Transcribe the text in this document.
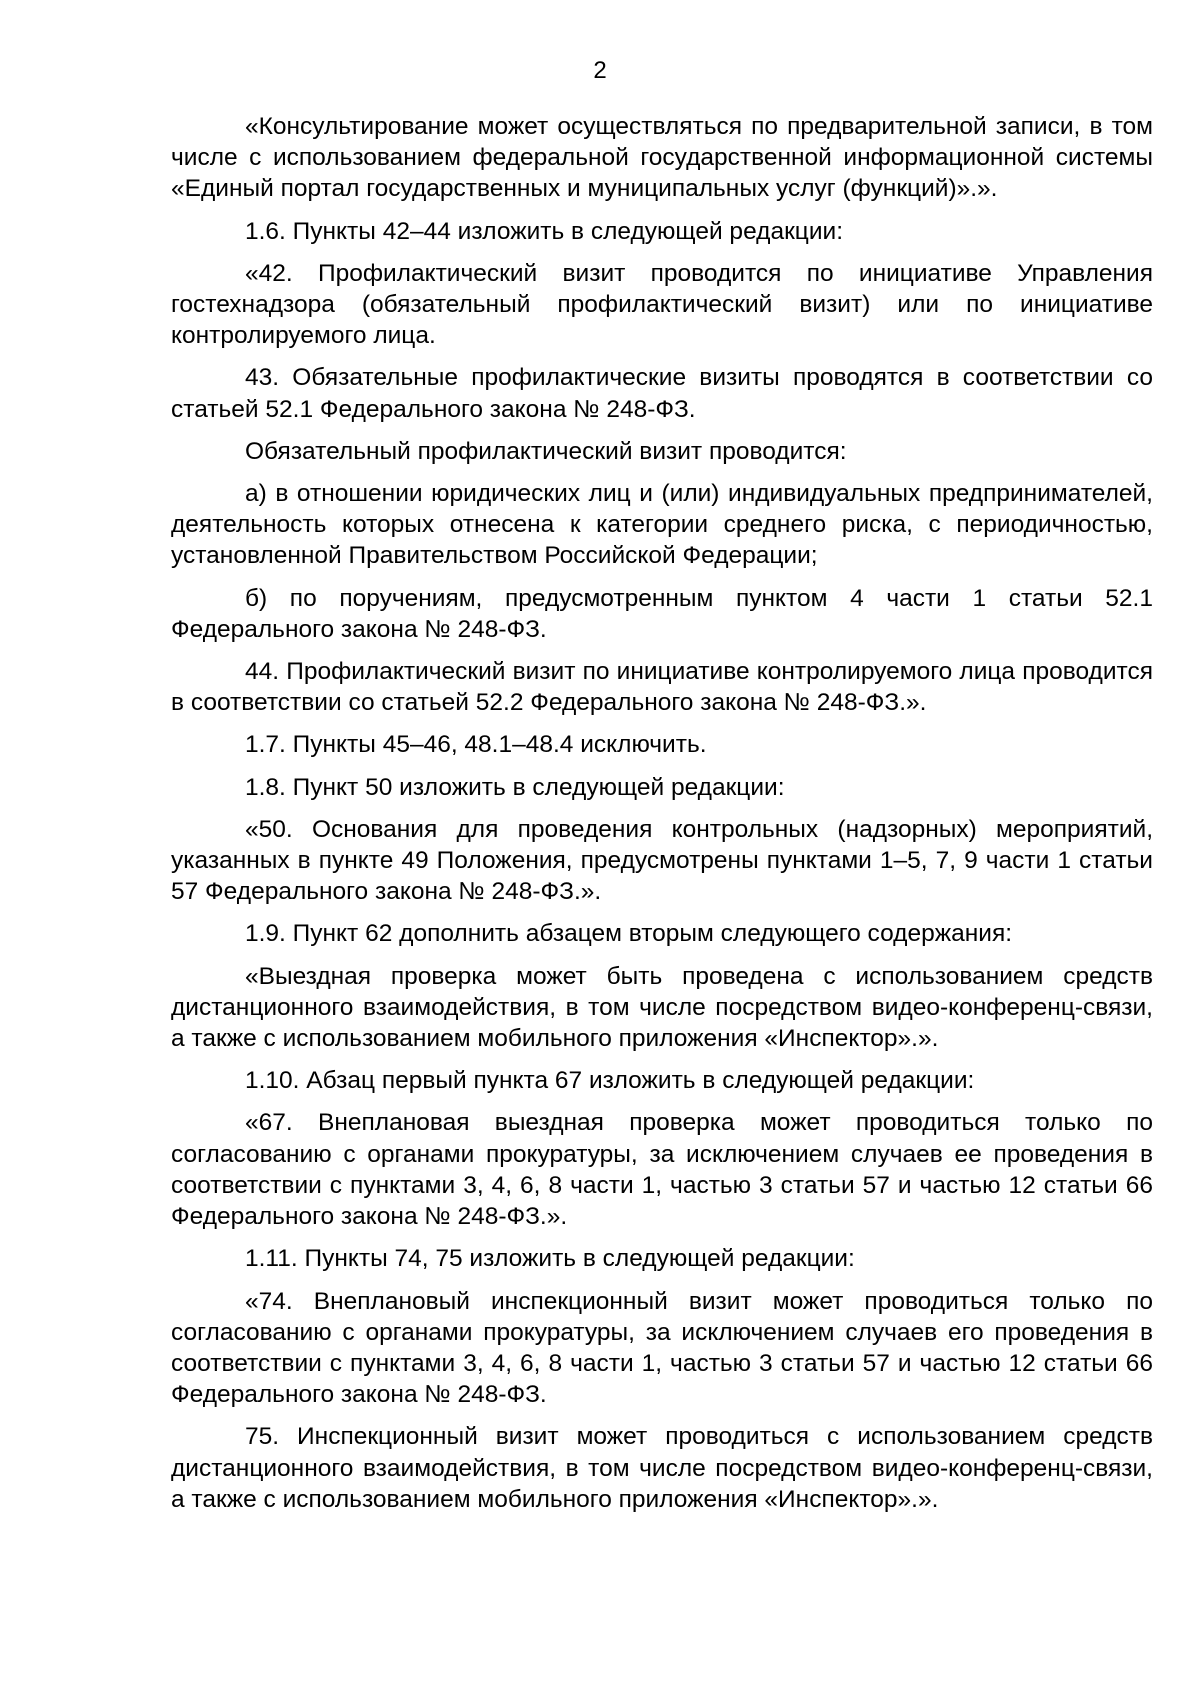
2

«Консультирование может осуществляться по предварительной записи, в том числе с использованием федеральной государственной информационной системы «Единый портал государственных и муниципальных услуг (функций)».».

1.6. Пункты 42–44 изложить в следующей редакции:

«42. Профилактический визит проводится по инициативе Управления гостехнадзора (обязательный профилактический визит) или по инициативе контролируемого лица.

43. Обязательные профилактические визиты проводятся в соответствии со статьей 52.1 Федерального закона № 248-ФЗ.

Обязательный профилактический визит проводится:

а) в отношении юридических лиц и (или) индивидуальных предпринимателей, деятельность которых отнесена к категории среднего риска, с периодичностью, установленной Правительством Российской Федерации;

б) по поручениям, предусмотренным пунктом 4 части 1 статьи 52.1 Федерального закона № 248-ФЗ.

44. Профилактический визит по инициативе контролируемого лица проводится в соответствии со статьей 52.2 Федерального закона № 248-ФЗ.».

1.7. Пункты 45–46, 48.1–48.4 исключить.

1.8. Пункт 50 изложить в следующей редакции:

«50. Основания для проведения контрольных (надзорных) мероприятий, указанных в пункте 49 Положения, предусмотрены пунктами 1–5, 7, 9 части 1 статьи 57 Федерального закона № 248-ФЗ.».

1.9. Пункт 62 дополнить абзацем вторым следующего содержания:

«Выездная проверка может быть проведена с использованием средств дистанционного взаимодействия, в том числе посредством видео-конференц-связи, а также с использованием мобильного приложения «Инспектор».».

1.10. Абзац первый пункта 67 изложить в следующей редакции:

«67. Внеплановая выездная проверка может проводиться только по согласованию с органами прокуратуры, за исключением случаев ее проведения в соответствии с пунктами 3, 4, 6, 8 части 1, частью 3 статьи 57 и частью 12 статьи 66 Федерального закона № 248-ФЗ.».

1.11. Пункты 74, 75 изложить в следующей редакции:

«74. Внеплановый инспекционный визит может проводиться только по согласованию с органами прокуратуры, за исключением случаев его проведения в соответствии с пунктами 3, 4, 6, 8 части 1, частью 3 статьи 57 и частью 12 статьи 66 Федерального закона № 248-ФЗ.

75. Инспекционный визит может проводиться с использованием средств дистанционного взаимодействия, в том числе посредством видео-конференц-связи, а также с использованием мобильного приложения «Инспектор».».
